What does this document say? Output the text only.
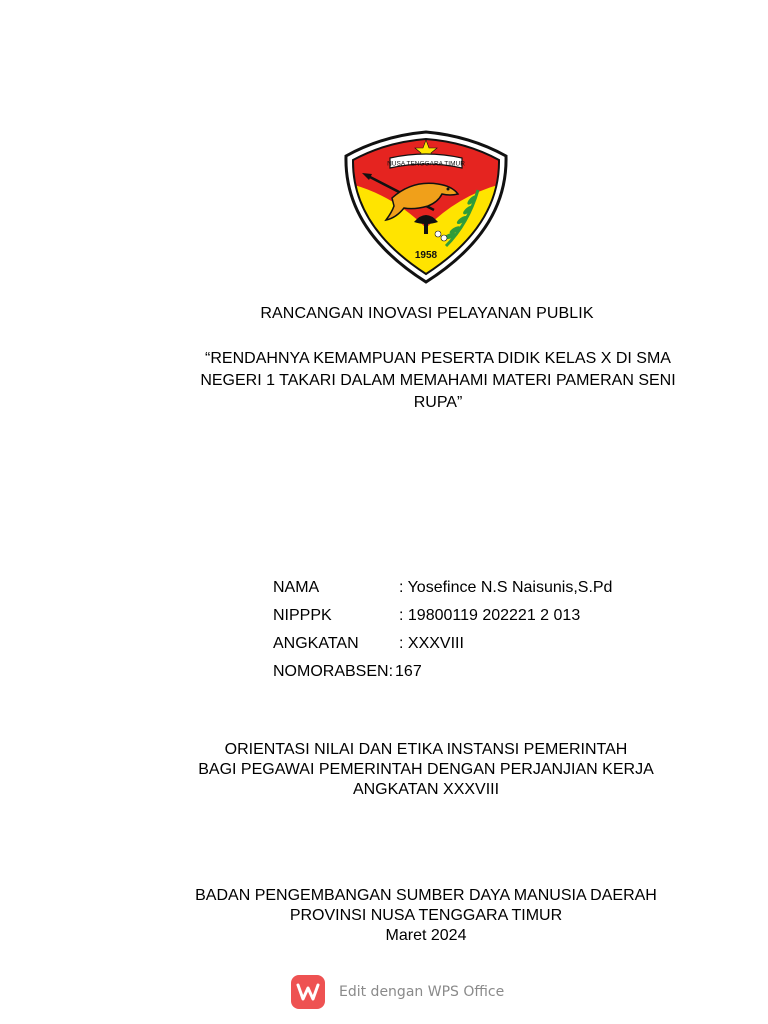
NUSA TENGGARA TIMUR
1958
RANCANGAN INOVASI PELAYANAN PUBLIK
“RENDAHNYA KEMAMPUAN PESERTA DIDIK KELAS X DI SMA
NEGERI 1 TAKARI DALAM MEMAHAMI MATERI PAMERAN SENI
RUPA”
NAMA	: Yosefince N.S Naisunis,S.Pd
NIPPPK	: 19800119 202221 2 013
ANGKATAN	: XXXVIII
NOMORABSEN: 167
ORIENTASI NILAI DAN ETIKA INSTANSI PEMERINTAH
BAGI PEGAWAI PEMERINTAH DENGAN PERJANJIAN KERJA
ANGKATAN XXXVIII
BADAN PENGEMBANGAN SUMBER DAYA MANUSIA DAERAH
PROVINSI NUSA TENGGARA TIMUR
Maret 2024
Edit dengan WPS Office
